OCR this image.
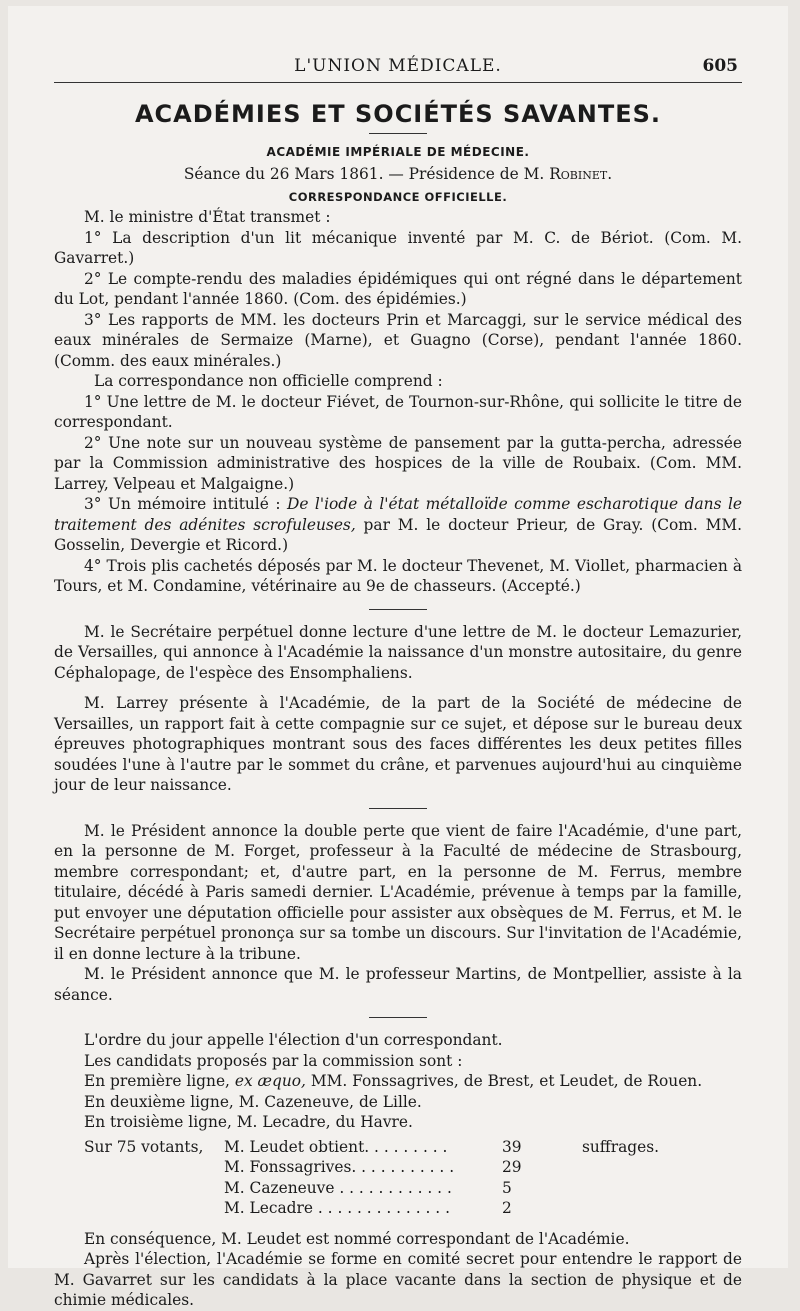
L'UNION MÉDICALE.	605
ACADÉMIES ET SOCIÉTÉS SAVANTES.
ACADÉMIE IMPÉRIALE DE MÉDECINE.
Séance du 26 Mars 1861. — Présidence de M. Robinet.
CORRESPONDANCE OFFICIELLE.

M. le ministre d'État transmet :

1° La description d'un lit mécanique inventé par M. C. de Bériot. (Com. M. Gavarret.)

2° Le compte-rendu des maladies épidémiques qui ont régné dans le département du Lot, pendant l'année 1860. (Com. des épidémies.)

3° Les rapports de MM. les docteurs Prin et Marcaggi, sur le service médical des eaux minérales de Sermaize (Marne), et Guagno (Corse), pendant l'année 1860. (Comm. des eaux minérales.)

La correspondance non officielle comprend :

1° Une lettre de M. le docteur Fiévet, de Tournon-sur-Rhône, qui sollicite le titre de correspondant.

2° Une note sur un nouveau système de pansement par la gutta-percha, adressée par la Commission administrative des hospices de la ville de Roubaix. (Com. MM. Larrey, Velpeau et Malgaigne.)

3° Un mémoire intitulé : De l'iode à l'état métalloïde comme escharotique dans le traitement des adénites scrofuleuses, par M. le docteur Prieur, de Gray. (Com. MM. Gosselin, Devergie et Ricord.)

4° Trois plis cachetés déposés par M. le docteur Thevenet, M. Viollet, pharmacien à Tours, et M. Condamine, vétérinaire au 9e de chasseurs. (Accepté.)

M. le Secrétaire perpétuel donne lecture d'une lettre de M. le docteur Lemazurier, de Versailles, qui annonce à l'Académie la naissance d'un monstre autositaire, du genre Céphalopage, de l'espèce des Ensomphaliens.

M. Larrey présente à l'Académie, de la part de la Société de médecine de Versailles, un rapport fait à cette compagnie sur ce sujet, et dépose sur le bureau deux épreuves photographiques montrant sous des faces différentes les deux petites filles soudées l'une à l'autre par le sommet du crâne, et parvenues aujourd'hui au cinquième jour de leur naissance.

M. le Président annonce la double perte que vient de faire l'Académie, d'une part, en la personne de M. Forget, professeur à la Faculté de médecine de Strasbourg, membre correspondant; et, d'autre part, en la personne de M. Ferrus, membre titulaire, décédé à Paris samedi dernier. L'Académie, prévenue à temps par la famille, put envoyer une députation officielle pour assister aux obsèques de M. Ferrus, et M. le Secrétaire perpétuel prononça sur sa tombe un discours. Sur l'invitation de l'Académie, il en donne lecture à la tribune.

M. le Président annonce que M. le professeur Martins, de Montpellier, assiste à la séance.

L'ordre du jour appelle l'élection d'un correspondant.

Les candidats proposés par la commission sont :

En première ligne, ex æquo, MM. Fonssagrives, de Brest, et Leudet, de Rouen.

En deuxième ligne, M. Cazeneuve, de Lille.

En troisième ligne, M. Lecadre, du Havre.

Sur 75 votants,	M. Leudet obtient. . . . . . . . .	39	suffrages.
	M. Fonssagrives. . . . . . . . . . .	29	
	M. Cazeneuve . . . . . . . . . . . .	5	
	M. Lecadre . . . . . . . . . . . . . .	2	

En conséquence, M. Leudet est nommé correspondant de l'Académie.

Après l'élection, l'Académie se forme en comité secret pour entendre le rapport de M. Gavarret sur les candidats à la place vacante dans la section de physique et de chimie médicales.
